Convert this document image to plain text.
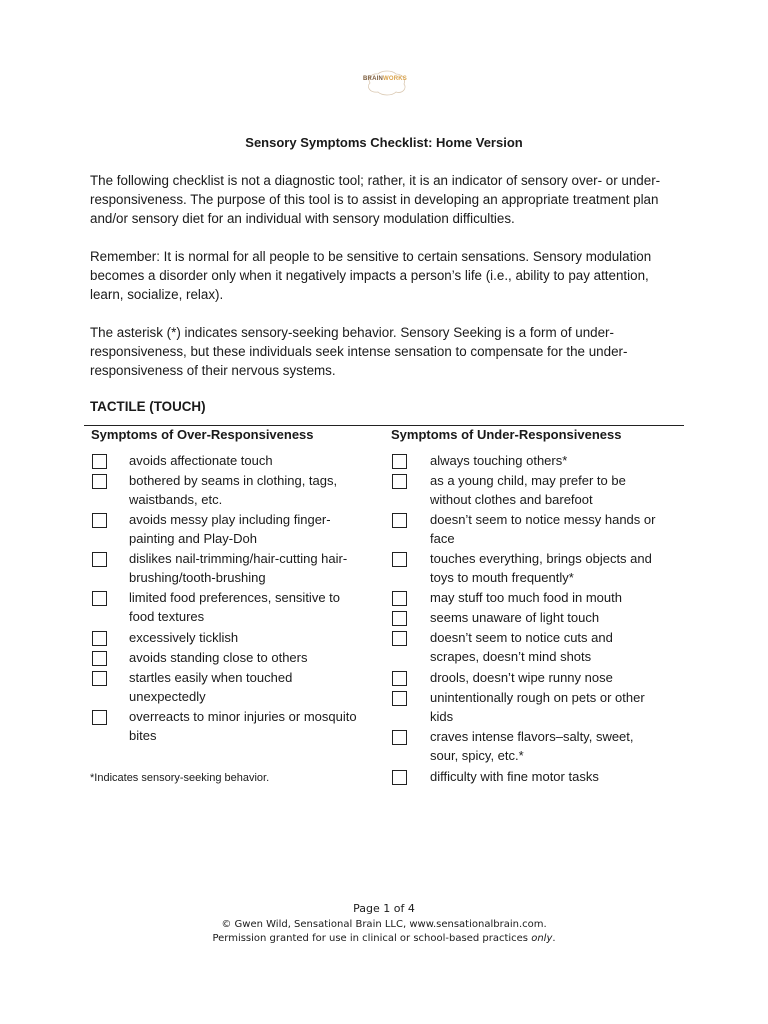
BRAINWORKS
Sensory Symptoms Checklist: Home Version
The following checklist is not a diagnostic tool; rather, it is an indicator of sensory over- or under-responsiveness. The purpose of this tool is to assist in developing an appropriate treatment plan and/or sensory diet for an individual with sensory modulation difficulties.
Remember: It is normal for all people to be sensitive to certain sensations. Sensory modulation becomes a disorder only when it negatively impacts a person’s life (i.e., ability to pay attention, learn, socialize, relax).
The asterisk (*) indicates sensory-seeking behavior. Sensory Seeking is a form of under-responsiveness, but these individuals seek intense sensation to compensate for the under-responsiveness of their nervous systems.
TACTILE (TOUCH)
Symptoms of Over-Responsiveness	Symptoms of Under-Responsiveness
avoids affectionate touch
bothered by seams in clothing, tags,
waistbands, etc.
avoids messy play including finger-
painting and Play-Doh
dislikes nail-trimming/hair-cutting hair-
brushing/tooth-brushing
limited food preferences, sensitive to
food textures
excessively ticklish
avoids standing close to others
startles easily when touched
unexpectedly
overreacts to minor injuries or mosquito
bites
always touching others*
as a young child, may prefer to be
without clothes and barefoot
doesn’t seem to notice messy hands or
face
touches everything, brings objects and
toys to mouth frequently*
may stuff too much food in mouth
seems unaware of light touch
doesn’t seem to notice cuts and
scrapes, doesn’t mind shots
drools, doesn’t wipe runny nose
unintentionally rough on pets or other
kids
craves intense flavors–salty, sweet,
sour, spicy, etc.*
difficulty with fine motor tasks
*Indicates sensory-seeking behavior.
Page 1 of 4
© Gwen Wild, Sensational Brain LLC, www.sensationalbrain.com.
Permission granted for use in clinical or school-based practices only.
